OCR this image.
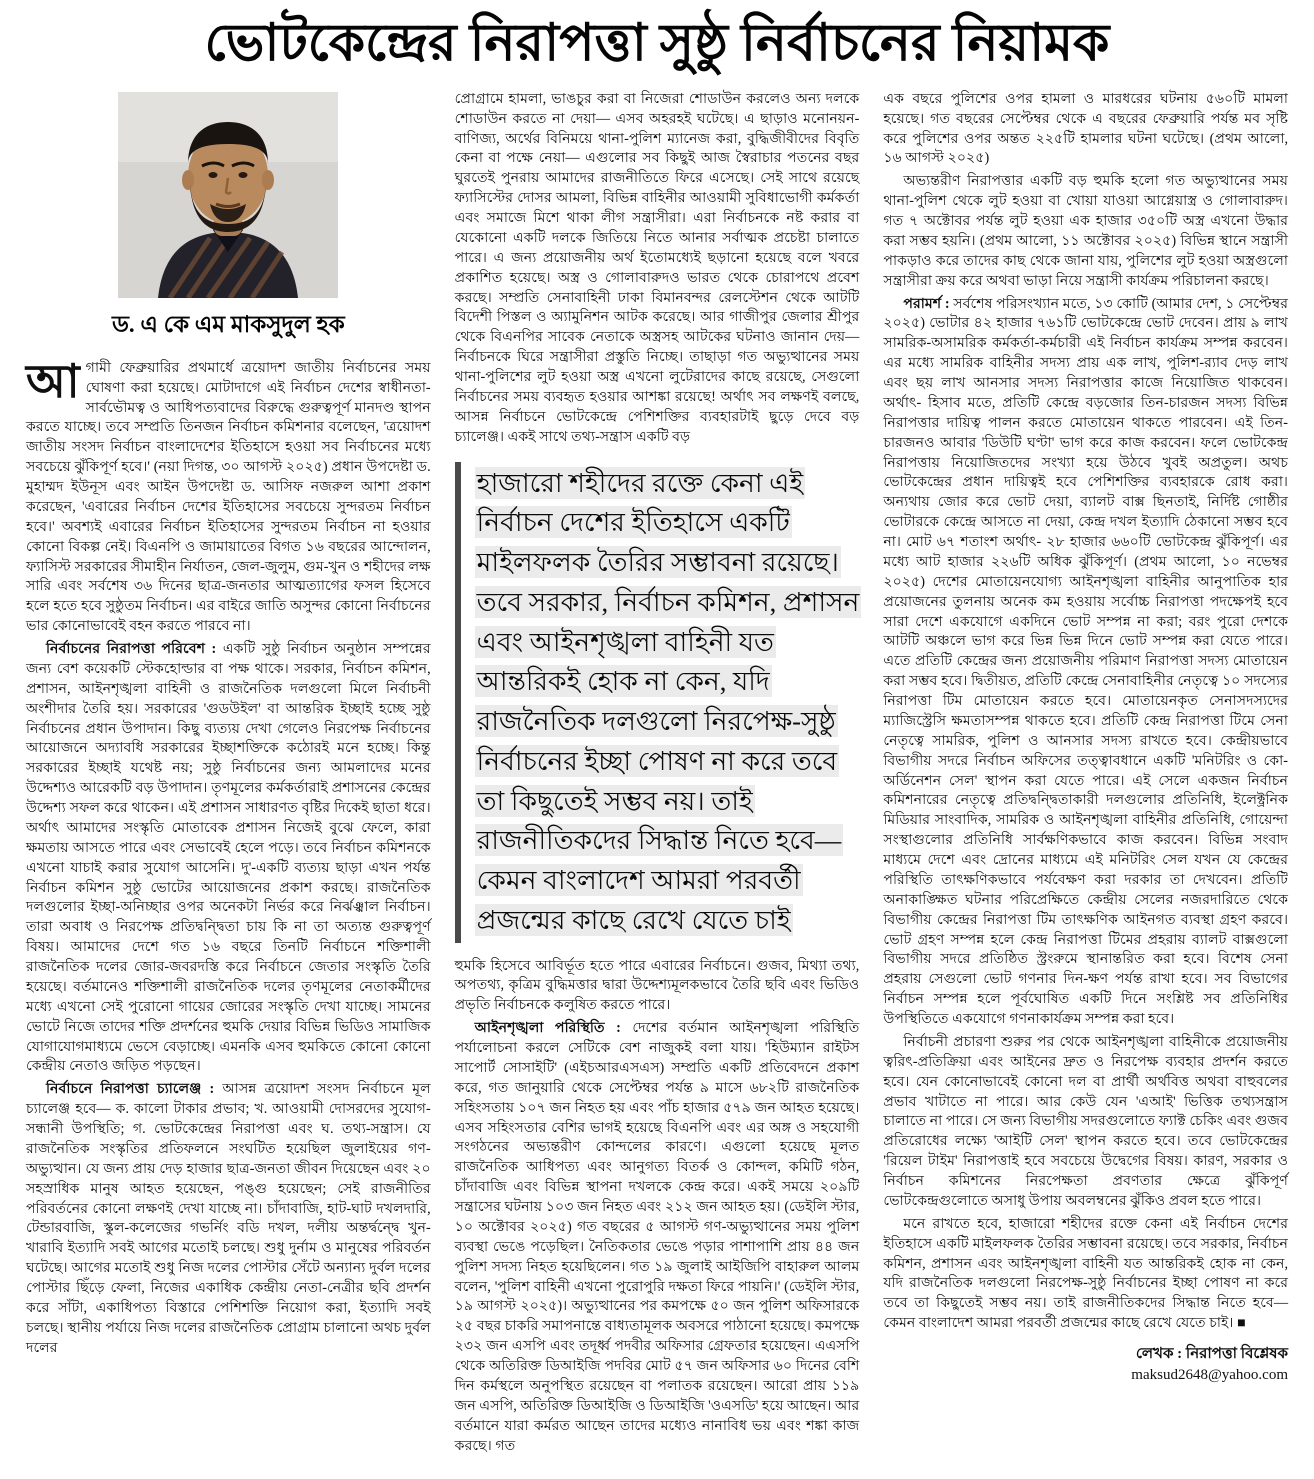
ভোটকেন্দ্রের নিরাপত্তা সুষ্ঠু নির্বাচনের নিয়ামক
ড. এ কে এম মাকসুদুল হক

আগামী ফেব্রুয়ারির প্রথমার্ধে ত্রয়োদশ জাতীয় নির্বাচনের সময় ঘোষণা করা হয়েছে। মোটাদাগে এই নির্বাচন দেশের স্বাধীনতা-সার্বভৌমত্ব ও আধিপত্যবাদের বিরুদ্ধে গুরুত্বপূর্ণ মানদণ্ড স্থাপন করতে যাচ্ছে। তবে সম্প্রতি তিনজন নির্বাচন কমিশনার বলেছেন, 'ত্রয়োদশ জাতীয় সংসদ নির্বাচন বাংলাদেশের ইতিহাসে হওয়া সব নির্বাচনের মধ্যে সবচেয়ে ঝুঁকিপূর্ণ হবে।' (নয়া দিগন্ত, ৩০ আগস্ট ২০২৫) প্রধান উপদেষ্টা ড. মুহাম্মদ ইউনূস এবং আইন উপদেষ্টা ড. আসিফ নজরুল আশা প্রকাশ করেছেন, 'এবারের নির্বাচন দেশের ইতিহাসের সবচেয়ে সুন্দরতম নির্বাচন হবে।' অবশ্যই এবারের নির্বাচন ইতিহাসের সুন্দরতম নির্বাচন না হওয়ার কোনো বিকল্প নেই। বিএনপি ও জামায়াতের বিগত ১৬ বছরের আন্দোলন, ফ্যাসিস্ট সরকারের সীমাহীন নির্যাতন, জেল-জুলুম, গুম-খুন ও শহীদের লক্ষ সারি এবং সর্বশেষ ৩৬ দিনের ছাত্র-জনতার আত্মত্যাগের ফসল হিসেবে হলে হতে হবে সুষ্ঠুতম নির্বাচন। এর বাইরে জাতি অসুন্দর কোনো নির্বাচনের ভার কোনোভাবেই বহন করতে পারবে না।

নির্বাচনের নিরাপত্তা পরিবেশ : একটি সুষ্ঠু নির্বাচন অনুষ্ঠান সম্পন্নের জন্য বেশ কয়েকটি স্টেকহোল্ডার বা পক্ষ থাকে। সরকার, নির্বাচন কমিশন, প্রশাসন, আইনশৃঙ্খলা বাহিনী ও রাজনৈতিক দলগুলো মিলে নির্বাচনী অংশীদার তৈরি হয়। সরকারের 'গুডউইল' বা আন্তরিক ইচ্ছাই হচ্ছে সুষ্ঠু নির্বাচনের প্রধান উপাদান। কিছু ব্যত্যয় দেখা গেলেও নিরপেক্ষ নির্বাচনের আয়োজনে অদ্যাবধি সরকারের ইচ্ছাশক্তিকে কঠোরই মনে হচ্ছে। কিন্তু সরকারের ইচ্ছাই যথেষ্ট নয়; সুষ্ঠু নির্বাচনের জন্য আমলাদের মনের উদ্দেশ্যও আরেকটি বড় উপাদান। তৃণমূলের কর্মকর্তারাই প্রশাসনের কেন্দ্রের উদ্দেশ্য সফল করে থাকেন। এই প্রশাসন সাধারণত বৃষ্টির দিকেই ছাতা ধরে। অর্থাৎ আমাদের সংস্কৃতি মোতাবেক প্রশাসন নিজেই বুঝে ফেলে, কারা ক্ষমতায় আসতে পারে এবং সেভাবেই হেলে পড়ে। তবে নির্বাচন কমিশনকে এখনো যাচাই করার সুযোগ আসেনি। দু'-একটি ব্যত্যয় ছাড়া এখন পর্যন্ত নির্বাচন কমিশন সুষ্ঠু ভোটের আয়োজনের প্রকাশ করছে। রাজনৈতিক দলগুলোর ইচ্ছা-অনিচ্ছার ওপর অনেকটা নির্ভর করে নির্ঝঞ্ঝাল নির্বাচন। তারা অবাধ ও নিরপেক্ষ প্রতিদ্বন্দ্বিতা চায় কি না তা অত্যন্ত গুরুত্বপূর্ণ বিষয়। আমাদের দেশে গত ১৬ বছরে তিনটি নির্বাচনে শক্তিশালী রাজনৈতিক দলের জোর-জবরদস্তি করে নির্বাচনে জেতার সংস্কৃতি তৈরি হয়েছে। বর্তমানেও শক্তিশালী রাজনৈতিক দলের তৃণমূলের নেতাকর্মীদের মধ্যে এখনো সেই পুরোনো গায়ের জোরের সংস্কৃতি দেখা যাচ্ছে। সামনের ভোটে নিজে তাদের শক্তি প্রদর্শনের হুমকি দেয়ার বিভিন্ন ভিডিও সামাজিক যোগাযোগমাধ্যমে ভেসে বেড়াচ্ছে। এমনকি এসব হুমকিতে কোনো কোনো কেন্দ্রীয় নেতাও জড়িত পড়ছেন।

নির্বাচনে নিরাপত্তা চ্যালেঞ্জ : আসন্ন ত্রয়োদশ সংসদ নির্বাচনে মূল চ্যালেঞ্জ হবে— ক. কালো টাকার প্রভাব; খ. আওয়ামী দোসরদের সুযোগ-সন্ধানী উপস্থিতি; গ. ভোটকেন্দ্রের নিরাপত্তা এবং ঘ. তথ্য-সন্ত্রাস। যে রাজনৈতিক সংস্কৃতির প্রতিফলনে সংঘটিত হয়েছিল জুলাইয়ের গণ-অভ্যুত্থান। যে জন্য প্রায় দেড় হাজার ছাত্র-জনতা জীবন দিয়েছেন এবং ২০ সহস্রাধিক মানুষ আহত হয়েছেন, পঙ্গু হয়েছেন; সেই রাজনীতির পরিবর্তনের কোনো লক্ষণই দেখা যাচ্ছে না। চাঁদাবাজি, হাট-ঘাট দখলদারি, টেন্ডারবাজি, স্কুল-কলেজের গভর্নিং বডি দখল, দলীয় অন্তর্দ্বন্দ্বে খুন-খারাবি ইত্যাদি সবই আগের মতোই চলছে। শুধু দুর্নাম ও মানুষের পরিবর্তন ঘটেছে। আগের মতোই শুধু নিজ দলের পোস্টার সেঁটে অন্যান্য দুর্বল দলের পোস্টার ছিঁড়ে ফেলা, নিজের একাধিক কেন্দ্রীয় নেতা-নেত্রীর ছবি প্রদর্শন করে সাঁটা, একাধিপত্য বিস্তারে পেশিশক্তি নিয়োগ করা, ইত্যাদি সবই চলছে। স্থানীয় পর্যায়ে নিজ দলের রাজনৈতিক প্রোগ্রাম চালানো অথচ দুর্বল দলের

প্রোগ্রামে হামলা, ভাঙচুর করা বা নিজেরা শোডাউন করলেও অন্য দলকে শোডাউন করতে না দেয়া— এসব অহরহই ঘটেছে। এ ছাড়াও মনোনয়ন-বাণিজ্য, অর্থের বিনিময়ে থানা-পুলিশ ম্যানেজ করা, বুদ্ধিজীবীদের বিবৃতি কেনা বা পক্ষে নেয়া— এগুলোর সব কিছুই আজ স্বৈরাচার পতনের বছর ঘুরতেই পুনরায় আমাদের রাজনীতিতে ফিরে এসেছে। সেই সাথে রয়েছে ফ্যাসিস্টের দোসর আমলা, বিভিন্ন বাহিনীর আওয়ামী সুবিধাভোগী কর্মকর্তা এবং সমাজে মিশে থাকা লীগ সন্ত্রাসীরা। এরা নির্বাচনকে নষ্ট করার বা যেকোনো একটি দলকে জিতিয়ে নিতে আনার সর্বাত্মক প্রচেষ্টা চালাতে পারে। এ জন্য প্রয়োজনীয় অর্থ ইতোমধ্যেই ছড়ানো হয়েছে বলে খবরে প্রকাশিত হয়েছে। অস্ত্র ও গোলাবারুদও ভারত থেকে চোরাপথে প্রবেশ করছে। সম্প্রতি সেনাবাহিনী ঢাকা বিমানবন্দর রেলস্টেশন থেকে আটটি বিদেশী পিস্তল ও অ্যামুনিশন আটক করেছে। আর গাজীপুর জেলার শ্রীপুর থেকে বিএনপির সাবেক নেতাকে অস্ত্রসহ আটকের ঘটনাও জানান দেয়— নির্বাচনকে ঘিরে সন্ত্রাসীরা প্রস্তুতি নিচ্ছে। তাছাড়া গত অভ্যুত্থানের সময় থানা-পুলিশের লুট হওয়া অস্ত্র এখনো লুটেরাদের কাছে রয়েছে, সেগুলো নির্বাচনের সময় ব্যবহৃত হওয়ার আশঙ্কা রয়েছে! অর্থাৎ সব লক্ষণই বলছে, আসন্ন নির্বাচনে ভোটকেন্দ্রে পেশিশক্তির ব্যবহারটাই ছুড়ে দেবে বড় চ্যালেঞ্জ। একই সাথে তথ্য-সন্ত্রাস একটি বড়

হাজারো শহীদের রক্তে কেনা এই নির্বাচন দেশের ইতিহাসে একটি মাইলফলক তৈরির সম্ভাবনা রয়েছে। তবে সরকার, নির্বাচন কমিশন, প্রশাসন এবং আইনশৃঙ্খলা বাহিনী যত আন্তরিকই হোক না কেন, যদি রাজনৈতিক দলগুলো নিরপেক্ষ-সুষ্ঠু নির্বাচনের ইচ্ছা পোষণ না করে তবে তা কিছুতেই সম্ভব নয়। তাই রাজনীতিকদের সিদ্ধান্ত নিতে হবে— কেমন বাংলাদেশ আমরা পরবর্তী প্রজন্মের কাছে রেখে যেতে চাই

হুমকি হিসেবে আবির্ভূত হতে পারে এবারের নির্বাচনে। গুজব, মিথ্যা তথ্য, অপতথ্য, কৃত্রিম বুদ্ধিমত্তার দ্বারা উদ্দেশ্যমূলকভাবে তৈরি ছবি এবং ভিডিও প্রভৃতি নির্বাচনকে কলুষিত করতে পারে।

আইনশৃঙ্খলা পরিস্থিতি : দেশের বর্তমান আইনশৃঙ্খলা পরিস্থিতি পর্যালোচনা করলে সেটিকে বেশ নাজুকই বলা যায়। 'হিউম্যান রাইটস সাপোর্ট সোসাইটি' (এইচআরএসএস) সম্প্রতি একটি প্রতিবেদনে প্রকাশ করে, গত জানুয়ারি থেকে সেপ্টেম্বর পর্যন্ত ৯ মাসে ৬৮২টি রাজনৈতিক সহিংসতায় ১০৭ জন নিহত হয় এবং পাঁচ হাজার ৫৭৯ জন আহত হয়েছে। এসব সহিংসতার বেশির ভাগই হয়েছে বিএনপি এবং এর অঙ্গ ও সহযোগী সংগঠনের অভ্যন্তরীণ কোন্দলের কারণে। এগুলো হয়েছে মূলত রাজনৈতিক আধিপত্য এবং আনুগত্য বিতর্ক ও কোন্দল, কমিটি গঠন, চাঁদাবাজি এবং বিভিন্ন স্থাপনা দখলকে কেন্দ্র করে। একই সময়ে ২০৯টি সন্ত্রাসের ঘটনায় ১০৩ জন নিহত এবং ২১২ জন আহত হয়। (ডেইলি স্টার, ১০ অক্টোবর ২০২৫) গত বছরের ৫ আগস্ট গণ-অভ্যুত্থানের সময় পুলিশ ব্যবস্থা ভেঙে পড়েছিল। নৈতিকতার ভেঙে পড়ার পাশাপাশি প্রায় ৪৪ জন পুলিশ সদস্য নিহত হয়েছিলেন। গত ১৯ জুলাই আইজিপি বাহারুল আলম বলেন, 'পুলিশ বাহিনী এখনো পুরোপুরি দক্ষতা ফিরে পায়নি।' (ডেইলি স্টার, ১৯ আগস্ট ২০২৫)। অভ্যুত্থানের পর কমপক্ষে ৫০ জন পুলিশ অফিসারকে ২৫ বছর চাকরি সমাপনান্তে বাধ্যতামূলক অবসরে পাঠানো হয়েছে। কমপক্ষে ২৩২ জন এসপি এবং তদূর্ধ্ব পদবীর অফিসার গ্রেফতার হয়েছেন। এএসপি থেকে অতিরিক্ত ডিআইজি পদবির মোট ৫৭ জন অফিসার ৬০ দিনের বেশি দিন কর্মস্থলে অনুপস্থিত রয়েছেন বা পলাতক রয়েছেন। আরো প্রায় ১১৯ জন এসপি, অতিরিক্ত ডিআইজি ও ডিআইজি 'ওএসডি' হয়ে আছেন। আর বর্তমানে যারা কর্মরত আছেন তাদের মধ্যেও নানাবিধ ভয় এবং শঙ্কা কাজ করছে। গত

এক বছরে পুলিশের ওপর হামলা ও মারধরের ঘটনায় ৫৬০টি মামলা হয়েছে। গত বছরের সেপ্টেম্বর থেকে এ বছরের ফেব্রুয়ারি পর্যন্ত মব সৃষ্টি করে পুলিশের ওপর অন্তত ২২৫টি হামলার ঘটনা ঘটেছে। (প্রথম আলো, ১৬ আগস্ট ২০২৫)

অভ্যন্তরীণ নিরাপত্তার একটি বড় হুমকি হলো গত অভ্যুত্থানের সময় থানা-পুলিশ থেকে লুট হওয়া বা খোয়া যাওয়া আগ্নেয়াস্ত্র ও গোলাবারুদ। গত ৭ অক্টোবর পর্যন্ত লুট হওয়া এক হাজার ৩৫০টি অস্ত্র এখনো উদ্ধার করা সম্ভব হয়নি। (প্রথম আলো, ১১ অক্টোবর ২০২৫) বিভিন্ন স্থানে সন্ত্রাসী পাকড়াও করে তাদের কাছ থেকে জানা যায়, পুলিশের লুট হওয়া অস্ত্রগুলো সন্ত্রাসীরা ক্রয় করে অথবা ভাড়া নিয়ে সন্ত্রাসী কার্যক্রম পরিচালনা করছে।

পরামর্শ : সর্বশেষ পরিসংখ্যান মতে, ১৩ কোটি (আমার দেশ, ১ সেপ্টেম্বর ২০২৫) ভোটার ৪২ হাজার ৭৬১টি ভোটকেন্দ্রে ভোট দেবেন। প্রায় ৯ লাখ সামরিক-অসামরিক কর্মকর্তা-কর্মচারী এই নির্বাচন কার্যক্রম সম্পন্ন করবেন। এর মধ্যে সামরিক বাহিনীর সদস্য প্রায় এক লাখ, পুলিশ-র‍্যাব দেড় লাখ এবং ছয় লাখ আনসার সদস্য নিরাপত্তার কাজে নিয়োজিত থাকবেন। অর্থাৎ- হিসাব মতে, প্রতিটি কেন্দ্রে বড়জোর তিন-চারজন সদস্য বিভিন্ন নিরাপত্তার দায়িত্ব পালন করতে মোতায়েন থাকতে পারবেন। এই তিন-চারজনও আবার 'ডিউটি ঘণ্টা' ভাগ করে কাজ করবেন। ফলে ভোটকেন্দ্র নিরাপত্তায় নিয়োজিতদের সংখ্যা হয়ে উঠবে খুবই অপ্রতুল। অথচ ভোটকেন্দ্রের প্রধান দায়িত্বই হবে পেশিশক্তির ব্যবহারকে রোধ করা। অন্যথায় জোর করে ভোট দেয়া, ব্যালট বাক্স ছিনতাই, নির্দিষ্ট গোষ্ঠীর ভোটারকে কেন্দ্রে আসতে না দেয়া, কেন্দ্র দখল ইত্যাদি ঠেকানো সম্ভব হবে না। মোট ৬৭ শতাংশ অর্থাৎ- ২৮ হাজার ৬৬০টি ভোটকেন্দ্র ঝুঁকিপূর্ণ। এর মধ্যে আট হাজার ২২৬টি অধিক ঝুঁকিপূর্ণ। (প্রথম আলো, ১০ নভেম্বর ২০২৫) দেশের মোতায়েনযোগ্য আইনশৃঙ্খলা বাহিনীর আনুপাতিক হার প্রয়োজনের তুলনায় অনেক কম হওয়ায় সর্বোচ্চ নিরাপত্তা পদক্ষেপই হবে সারা দেশে একযোগে একদিনে ভোট সম্পন্ন না করা; বরং পুরো দেশকে আটটি অঞ্চলে ভাগ করে ভিন্ন ভিন্ন দিনে ভোট সম্পন্ন করা যেতে পারে। এতে প্রতিটি কেন্দ্রের জন্য প্রয়োজনীয় পরিমাণ নিরাপত্তা সদস্য মোতায়েন করা সম্ভব হবে। দ্বিতীয়ত, প্রতিটি কেন্দ্রে সেনাবাহিনীর নেতৃত্বে ১০ সদস্যের নিরাপত্তা টিম মোতায়েন করতে হবে। মোতায়েনকৃত সেনাসদস্যদের ম্যাজিস্ট্রেসি ক্ষমতাসম্পন্ন থাকতে হবে। প্রতিটি কেন্দ্র নিরাপত্তা টিমে সেনা নেতৃত্বে সামরিক, পুলিশ ও আনসার সদস্য রাখতে হবে। কেন্দ্রীয়ভাবে বিভাগীয় সদরে নির্বাচন অফিসের তত্ত্বাবধানে একটি 'মনিটরিং ও কো-অর্ডিনেশন সেল' স্থাপন করা যেতে পারে। এই সেলে একজন নির্বাচন কমিশনারের নেতৃত্বে প্রতিদ্বন্দ্বিতাকারী দলগুলোর প্রতিনিধি, ইলেক্ট্রনিক মিডিয়ার সাংবাদিক, সামরিক ও আইনশৃঙ্খলা বাহিনীর প্রতিনিধি, গোয়েন্দা সংস্থাগুলোর প্রতিনিধি সার্বক্ষণিকভাবে কাজ করবেন। বিভিন্ন সংবাদ মাধ্যমে দেশে এবং দ্রোনের মাধ্যমে এই মনিটরিং সেল যখন যে কেন্দ্রের পরিস্থিতি তাৎক্ষণিকভাবে পর্যবেক্ষণ করা দরকার তা দেখবেন। প্রতিটি অনাকাঙ্ক্ষিত ঘটনার পরিপ্রেক্ষিতে কেন্দ্রীয় সেলের নজরদারিতে থেকে বিভাগীয় কেন্দ্রের নিরাপত্তা টিম তাৎক্ষণিক আইনগত ব্যবস্থা গ্রহণ করবে। ভোট গ্রহণ সম্পন্ন হলে কেন্দ্র নিরাপত্তা টিমের প্রহরায় ব্যালট বাক্সগুলো বিভাগীয় সদরে প্রতিষ্ঠিত স্ট্রংরুমে স্থানান্তরিত করা হবে। বিশেষ সেনা প্রহরায় সেগুলো ভোট গণনার দিন-ক্ষণ পর্যন্ত রাখা হবে। সব বিভাগের নির্বাচন সম্পন্ন হলে পূর্বঘোষিত একটি দিনে সংশ্লিষ্ট সব প্রতিনিধির উপস্থিতিতে একযোগে গণনাকার্যক্রম সম্পন্ন করা হবে।

নির্বাচনী প্রচারণা শুরুর পর থেকে আইনশৃঙ্খলা বাহিনীকে প্রয়োজনীয় ত্বরিৎ-প্রতিক্রিয়া এবং আইনের দ্রুত ও নিরপেক্ষ ব্যবহার প্রদর্শন করতে হবে। যেন কোনোভাবেই কোনো দল বা প্রার্থী অর্থবিত্ত অথবা বাহুবলের প্রভাব খাটাতে না পারে। আর কেউ যেন 'এআই' ভিত্তিক তথ্যসন্ত্রাস চালাতে না পারে। সে জন্য বিভাগীয় সদরগুলোতে ফ্যাক্ট চেকিং এবং গুজব প্রতিরোধের লক্ষ্যে 'আইটি সেল' স্থাপন করতে হবে। তবে ভোটকেন্দ্রের 'রিয়েল টাইম' নিরাপত্তাই হবে সবচেয়ে উদ্বেগের বিষয়। কারণ, সরকার ও নির্বাচন কমিশনের নিরপেক্ষতা প্রবণতার ক্ষেত্রে ঝুঁকিপূর্ণ ভোটকেন্দ্রগুলোতে অসাধু উপায় অবলম্বনের ঝুঁকিও প্রবল হতে পারে।

মনে রাখতে হবে, হাজারো শহীদের রক্তে কেনা এই নির্বাচন দেশের ইতিহাসে একটি মাইলফলক তৈরির সম্ভাবনা রয়েছে। তবে সরকার, নির্বাচন কমিশন, প্রশাসন এবং আইনশৃঙ্খলা বাহিনী যত আন্তরিকই হোক না কেন, যদি রাজনৈতিক দলগুলো নিরপেক্ষ-সুষ্ঠু নির্বাচনের ইচ্ছা পোষণ না করে তবে তা কিছুতেই সম্ভব নয়। তাই রাজনীতিকদের সিদ্ধান্ত নিতে হবে— কেমন বাংলাদেশ আমরা পরবর্তী প্রজন্মের কাছে রেখে যেতে চাই। ■

লেখক : নিরাপত্তা বিশ্লেষক
maksud2648@yahoo.com
